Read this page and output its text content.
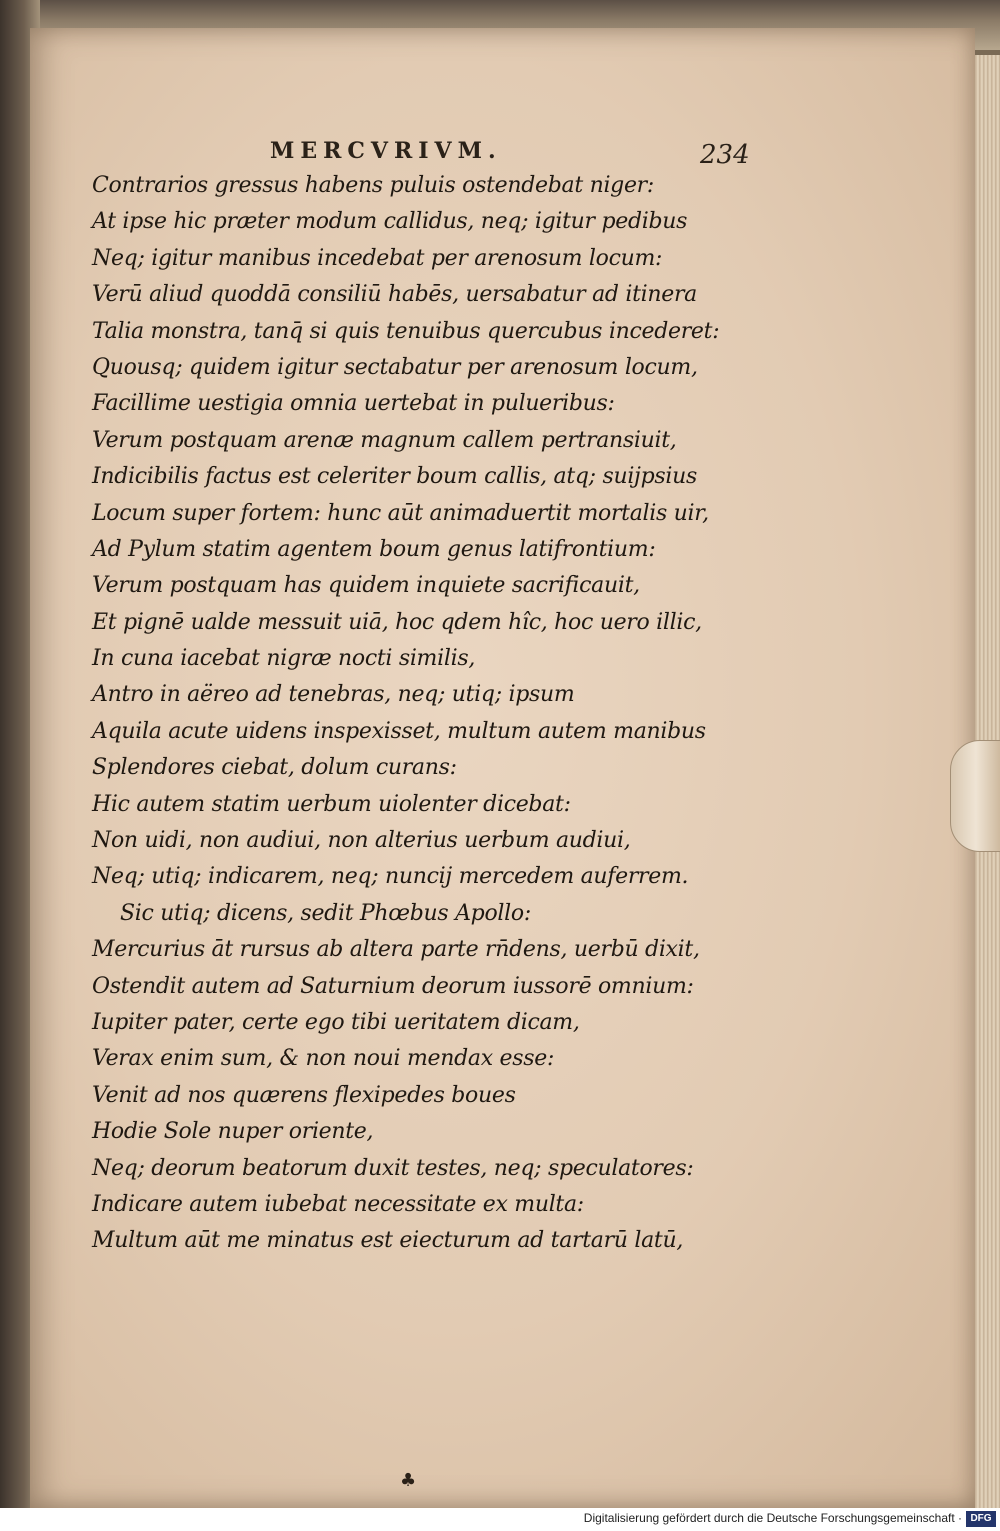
MERCVRIVM.	234
Contrarios gressus habens puluis ostendebat niger:
At ipse hic præter modum callidus, neq; igitur pedibus
Neq; igitur manibus incedebat per arenosum locum:
Verū aliud quoddā consiliū habēs, uersabatur ad itinera
Talia monstra, tanq̄ si quis tenuibus quercubus incederet:
Quousq; quidem igitur sectabatur per arenosum locum,
Facillime uestigia omnia uertebat in pulueribus:
Verum postquam arenæ magnum callem pertransiuit,
Indicibilis factus est celeriter boum callis, atq; suijpsius
Locum super fortem: hunc aūt animaduertit mortalis uir,
Ad Pylum statim agentem boum genus latifrontium:
Verum postquam has quidem inquiete sacrificauit,
Et pignē ualde messuit uiā, hoc qdem hîc, hoc uero illic,
In cuna iacebat nigræ nocti similis,
Antro in aëreo ad tenebras, neq; utiq; ipsum
Aquila acute uidens inspexisset, multum autem manibus
Splendores ciebat, dolum curans:
Hic autem statim uerbum uiolenter dicebat:
Non uidi, non audiui, non alterius uerbum audiui,
Neq; utiq; indicarem, neq; nuncij mercedem auferrem.
Sic utiq; dicens, sedit Phœbus Apollo:
Mercurius āt rursus ab altera parte rn̄dens, uerbū dixit,
Ostendit autem ad Saturnium deorum iussorē omnium:
Iupiter pater, certe ego tibi ueritatem dicam,
Verax enim sum, & non noui mendax esse:
Venit ad nos quærens flexipedes boues
Hodie Sole nuper oriente,
Neq; deorum beatorum duxit testes, neq; speculatores:
Indicare autem iubebat necessitate ex multa:
Multum aūt me minatus est eiecturum ad tartarū latū,
♣
Digitalisierung gefördert durch die Deutsche Forschungsgemeinschaft · DFG
